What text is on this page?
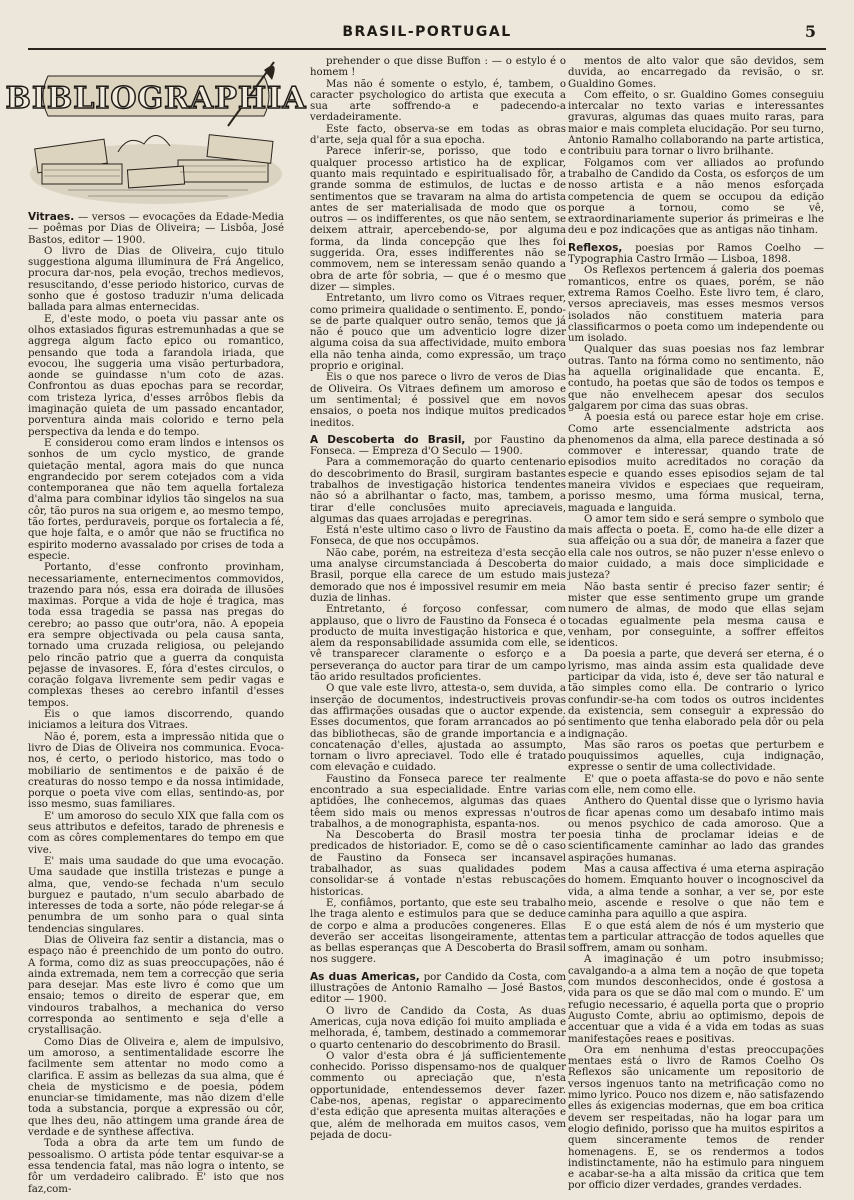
BRASIL-PORTUGAL	5
BIBLIOGRAPHIA

Vitraes. — versos — evocações da Edade-Media — poêmas por Dias de Oliveira; — Lisbôa, José Bastos, editor — 1900.

O livro de Dias de Oliveira, cujo titulo suggestiona alguma illuminura de Frá Angelico, procura dar-nos, pela evoção, trechos medievos, resuscitando, d'esse periodo historico, curvas de sonho que é gostoso traduzir n'uma delicada ballada para almas enternecidas.

E, d'este modo, o poeta viu passar ante os olhos extasiados figuras estremunhadas a que se aggrega algum facto epico ou romantico, pensando que toda a farandola iriada, que evocou, lhe suggeria uma visão perturbadora, aonde se guindasse n'um coto de azas. Confrontou as duas epochas para se recordar, com tristeza lyrica, d'esses arrôbos flebis da imaginação quieta de um passado encantador, porventura ainda mais colorido e terno pela perspectiva da lenda e do tempo.

E considerou como eram lindos e intensos os sonhos de um cyclo mystico, de grande quietação mental, agora mais do que nunca engrandecido por serem cotejados com a vida contemporanea que não tem aquella fortaleza d'alma para combinar idylios tão singelos na sua côr, tão puros na sua origem e, ao mesmo tempo, tão fortes, perduraveis, porque os fortalecia a fé, que hoje falta, e o amôr que não se fructifica no espirito moderno avassalado por crises de toda a especie.

Portanto, d'esse confronto provinham, necessariamente, enternecimentos commovidos, trazendo para nós, essa era doirada de illusões maximas. Porque a vida de hoje é tragica, mas toda essa tragedia se passa nas pregas do cerebro; ao passo que outr'ora, não. A epopeia era sempre objectivada ou pela causa santa, tornado uma cruzada religiosa, ou pelejando pelo rincão patrio que a guerra da conquista pejasse de invasores. E, fóra d'estes circulos, o coração folgava livremente sem pedir vagas e complexas theses ao cerebro infantil d'esses tempos.

Eis o que iamos discorrendo, quando iniciamos a leitura dos Vitraes.

Não é, porem, esta a impressão nitida que o livro de Dias de Oliveira nos communica. Evoca-nos, é certo, o periodo historico, mas todo o mobiliario de sentimentos e de paixão é de creaturas do nosso tempo e da nossa intimidade, porque o poeta vive com ellas, sentindo-as, por isso mesmo, suas familiares.

E' um amoroso do seculo XIX que falla com os seus attributos e defeitos, tarado de phrenesis e com as côres complementares do tempo em que vive.

E' mais uma saudade do que uma evocação. Uma saudade que instilla tristezas e punge a alma, que, vendo-se fechada n'um seculo burguez e pautado, n'um seculo abarbado de interesses de toda a sorte, não póde relegar-se á penumbra de um sonho para o qual sinta tendencias singulares.

Dias de Oliveira faz sentir a distancia, mas o espaço não é preenchido de um ponto do outro. A forma, como diz as suas preoccupações, não é ainda extremada, nem tem a correcção que seria para desejar. Mas este livro é como que um ensaio; temos o direito de esperar que, em vindouros trabalhos, a mechanica do verso corresponda ao sentimento e seja d'elle a crystallisação.

Como Dias de Oliveira e, alem de impulsivo, um amoroso, a sentimentalidade escorre lhe facilmente sem attentar no modo como a clarifica. E assim as bellezas da sua alma, que é cheia de mysticismo e de poesia, pódem enunciar-se timidamente, mas não dizem d'elle toda a substancia, porque a expressão ou côr, que lhes deu, não attingem uma grande área de verdade e de synthese affectiva.

Toda a obra da arte tem um fundo de pessoalismo. O artista póde tentar esquivar-se a essa tendencia fatal, mas não logra o intento, se fôr um verdadeiro calibrado. E' isto que nos faz,com-

prehender o que disse Buffon : — o estylo é o homem !

Mas não é somente o estylo, é, tambem, o caracter psychologico do artista que executa a sua arte soffrendo-a e padecendo-a verdadeiramente.

Este facto, observa-se em todas as obras d'arte, seja qual fôr a sua epocha.

Parece inferir-se, porisso, que todo e qualquer processo artistico ha de explicar, quanto mais requintado e espiritualisado fôr, a grande somma de estimulos, de luctas e de sentimentos que se travaram na alma do artista antes de ser materialisada de modo que os outros — os indifferentes, os que não sentem, se deixem attrair, apercebendo-se, por alguma forma, da linda concepção que lhes foi suggerida. Ora, esses indifferentes não se commovem, nem se interessam senão quando a obra de arte fôr sobria, — que é o mesmo que dizer — simples.

Entretanto, um livro como os Vitraes requer, como primeira qualidade o sentimento. E, pondo-se de parte qualquer outro senão, temos que já não é pouco que um adventicio logre dizer alguma coisa da sua affectividade, muito embora ella não tenha ainda, como expressão, um traço proprio e original.

Eis o que nos parece o livro de veros de Dias de Oliveira. Os Vitraes definem um amoroso e um sentimental; é possivel que em novos ensaios, o poeta nos indique muitos predicados ineditos.

A Descoberta do Brasil, por Faustino da Fonseca. — Empreza d'O Seculo — 1900.

Para a commemoração do quarto centenario do descobrimento do Brasil, surgiram bastantes trabalhos de investigação historica tendentes não só a abrilhantar o facto, mas, tambem, a tirar d'elle conclusões muito apreciaveis, algumas das quaes arrojadas e peregrinas.

Está n'este ultimo caso o livro de Faustino da Fonseca, de que nos occupâmos.

Não cabe, porém, na estreiteza d'esta secção uma analyse circumstanciada á Descoberta do Brasil, porque ella carece de um estudo mais demorado que nos é impossivel resumir em meia duzia de linhas.

Entretanto, é forçoso confessar, com applauso, que o livro de Faustino da Fonseca é o producto de muita investigação historica e que, alem da responsabilidade assumida com elle, se vê transparecer claramente o esforço e a perseverança do auctor para tirar de um campo tão arido resultados proficientes.

O que vale este livro, attesta-o, sem duvida, a inserção de documentos, indestructiveis provas das affirmações ousadas que o auctor expende. Esses documentos, que foram arrancados ao pó das bibliothecas, são de grande importancia e a concatenação d'elles, ajustada ao assumpto, tornam o livro apreciavel. Todo elle é tratado com elevação e cuidado.

Faustino da Fonseca parece ter realmente encontrado a sua especialidade. Entre varias aptidões, lhe conhecemos, algumas das quaes têem sido mais ou menos expressas n'outros trabalhos, a de monographista, espanta-nos.

Na Descoberta do Brasil mostra ter predicados de historiador. E, como se dê o caso de Faustino da Fonseca ser incansavel trabalhador, as suas qualidades podem consolidar-se á vontade n'estas rebuscações historicas.

E, confiâmos, portanto, que este seu trabalho lhe traga alento e estimulos para que se deduce de corpo e alma a producões congeneres. Ellas deverão ser acceitas lisongeiramente, attentas as bellas esperanças que A Descoberta do Brasil nos suggere.

As duas Americas, por Candido da Costa, com illustrações de Antonio Ramalho — José Bastos, editor — 1900.

O livro de Candido da Costa, As duas Americas, cuja nova edição foi muito ampliada e melhorada, é, tambem, destinado a commemorar o quarto centenario do descobrimento do Brasil.

O valor d'esta obra é já sufficientemente conhecido. Porisso dispensamo-nos de qualquer commento ou apreciação que, n'esta opportunidade, entendessemos dever fazer. Cabe-nos, apenas, registar o apparecimento d'esta edição que apresenta muitas alterações e que, além de melhorada em muitos casos, vem pejada de docu-

mentos de alto valor que são devidos, sem duvida, ao encarregado da revisão, o sr. Gualdino Gomes.

Com effeito, o sr. Gualdino Gomes conseguiu intercalar no texto varias e interessantes gravuras, algumas das quaes muito raras, para maior e mais completa elucidação. Por seu turno, Antonio Ramalho collaborando na parte artistica, contribuiu para tornar o livro brilhante.

Folgamos com ver alliados ao profundo trabalho de Candido da Costa, os esforços de um nosso artista e a não menos esforçada competencia de quem se occupou da edição porque a tornou, como se vê, extraordinariamente superior ás primeiras e lhe deu e poz indicações que as antigas não tinham.

Reflexos, poesias por Ramos Coelho — Typographia Castro Irmão — Lisboa, 1898.

Os Reflexos pertencem á galeria dos poemas romanticos, entre os quaes, porém, se não extrema Ramos Coelho. Este livro tem, é claro, versos apreciaveis, mas esses mesmos versos isolados não constituem materia para classificarmos o poeta como um independente ou um isolado.

Qualquer das suas poesias nos faz lembrar outras. Tanto na fórma como no sentimento, não ha aquella originalidade que encanta. E, contudo, ha poetas que são de todos os tempos e que não envelhecem apesar dos seculos galgarem por cima das suas obras.

A poesia está ou parece estar hoje em crise. Como arte essencialmente adstricta aos phenomenos da alma, ella parece destinada a só commover e interessar, quando trate de episodios muito acreditados no coração da especie e quando esses episodios sejam de tal maneira vividos e especiaes que requeiram, porisso mesmo, uma fórma musical, terna, maguada e languida.

O amor tem sido e será sempre o symbolo que mais affecta o poeta. E, como ha-de elle dizer a sua affeição ou a sua dôr, de maneira a fazer que ella cale nos outros, se não puzer n'esse enlevo o maior cuidado, a mais doce simplicidade e justeza?

Não basta sentir é preciso fazer sentir; é mister que esse sentimento grupe um grande numero de almas, de modo que ellas sejam tocadas egualmente pela mesma causa e venham, por conseguinte, a soffrer effeitos identicos.

Da poesia a parte, que deverá ser eterna, é o lyrismo, mas ainda assim esta qualidade deve participar da vida, isto é, deve ser tão natural e tão simples como ella. De contrario o lyrico confundir-se-ha com todos os outros incidentes da existencia, sem conseguir a expressão do sentimento que tenha elaborado pela dôr ou pela indignação.

Mas são raros os poetas que perturbem e pouquissimos aquelles, cuja indignação, expresse o sentir de uma collectividade.

E' que o poeta affasta-se do povo e não sente com elle, nem como elle.

Anthero do Quental disse que o lyrismo havia de ficar apenas como um desabafo intimo mais ou menos psychico de cada amoroso. Que a poesia tinha de proclamar ideias e de scientificamente caminhar ao lado das grandes aspirações humanas.

Mas a causa affectiva é uma eterna aspiração do homem. Emquanto houver o incognoscivel da vida, a alma tende a sonhar, a ver se, por este meio, ascende e resolve o que não tem e caminha para aquillo a que aspira.

E o que está alem de nós é um mysterio que tem a particular attracção de todos aquelles que soffrem, amam ou sonham.

A imaginação é um potro insubmisso; cavalgando-a a alma tem a noção de que topeta com mundos desconhecidos, onde é gostosa a vida para os que se dão mal com o mundo. E' um refugio necessario, é aquella porta que o proprio Augusto Comte, abriu ao optimismo, depois de accentuar que a vida é a vida em todas as suas manifestações reaes e positivas.

Ora em nenhuma d'estas preoccupações mentaes está o livro de Ramos Coelho Os Reflexos são unicamente um repositorio de versos ingenuos tanto na metrificação como no mimo lyrico. Pouco nos dizem e, não satisfazendo elles ás exigencias modernas, que em boa critica devem ser respeitadas, não ha logar para um elogio definido, porisso que ha muitos espiritos a quem sinceramente temos de render homenagens. E, se os rendermos a todos indistinctamente, não ha estimulo para ninguem e acabar-se-ha a alta missão da critica que tem por officio dizer verdades, grandes verdades.
